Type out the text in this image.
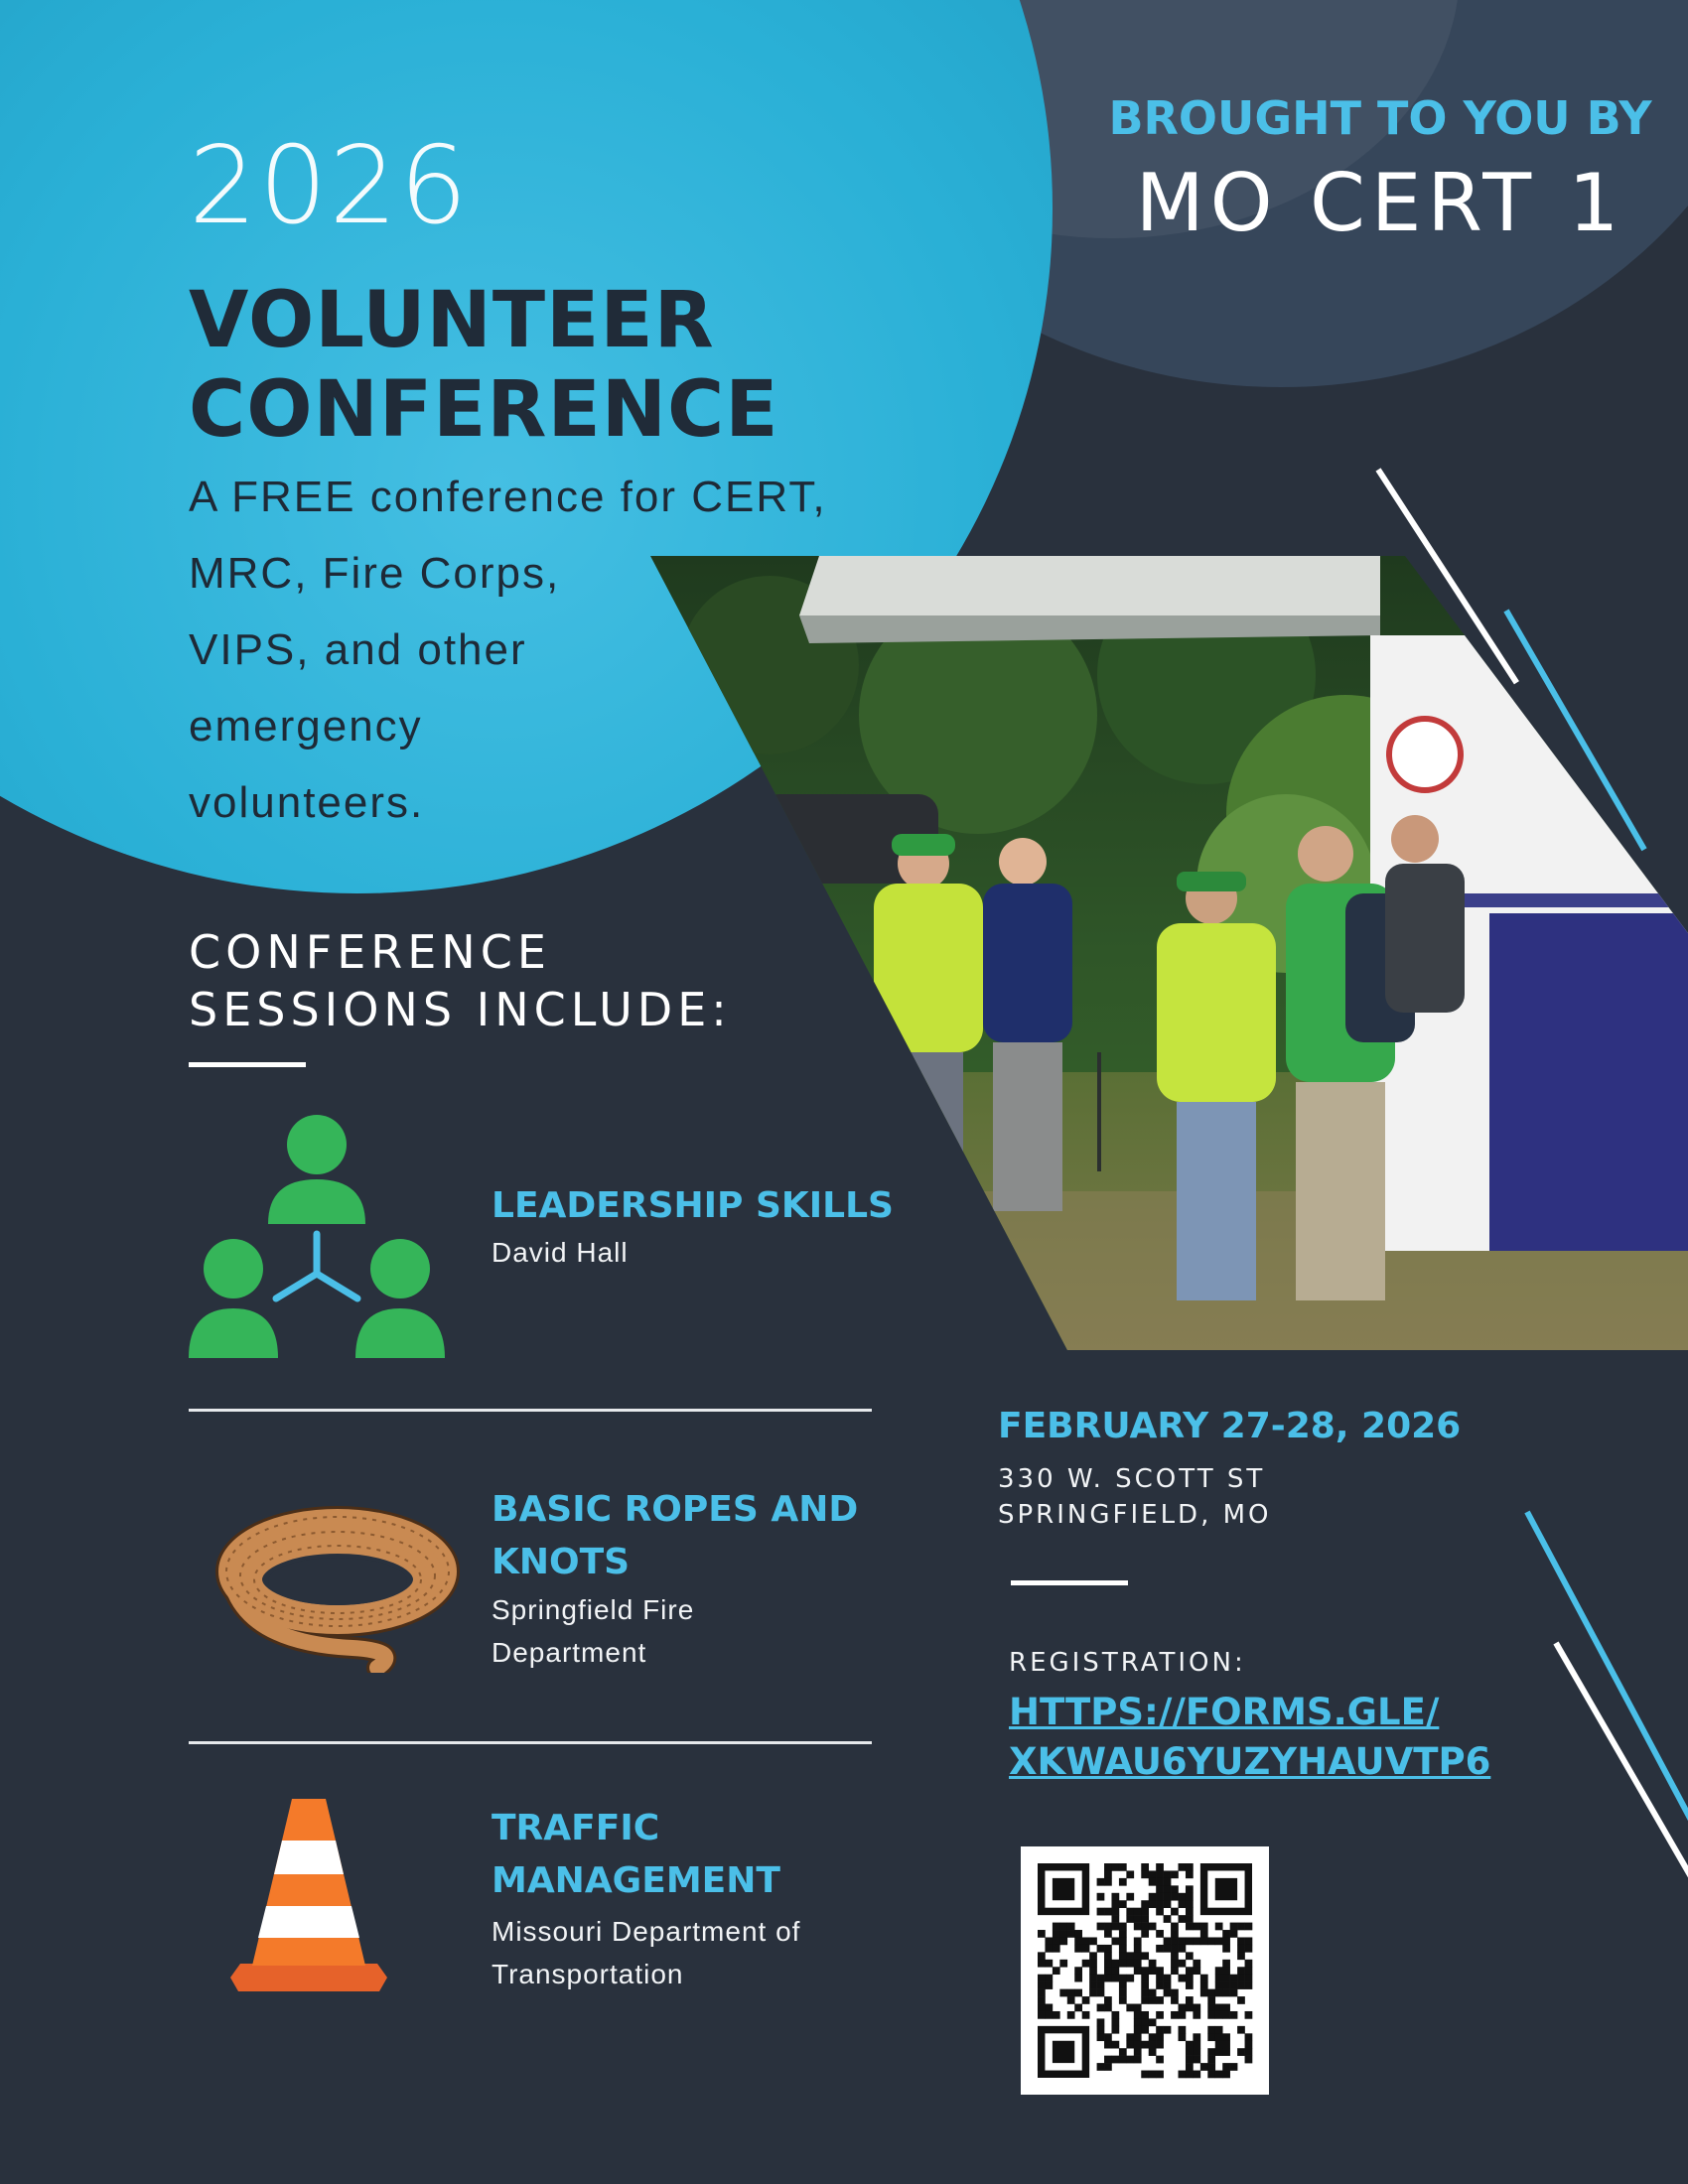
2026
VOLUNTEER
CONFERENCE
A FREE conference for CERT,
MRC, Fire Corps,
VIPS, and other
emergency
volunteers.
BROUGHT TO YOU BY
MO CERT 1
CONFERENCE
SESSIONS INCLUDE:
LEADERSHIP SKILLS
David Hall
BASIC ROPES AND
KNOTS
Springfield Fire
Department
TRAFFIC
MANAGEMENT
Missouri Department of
Transportation
FEBRUARY 27-28, 2026
330 W. SCOTT ST
SPRINGFIELD, MO
REGISTRATION:
HTTPS://FORMS.GLE/
XKWAU6YUZYHAUVTP6
